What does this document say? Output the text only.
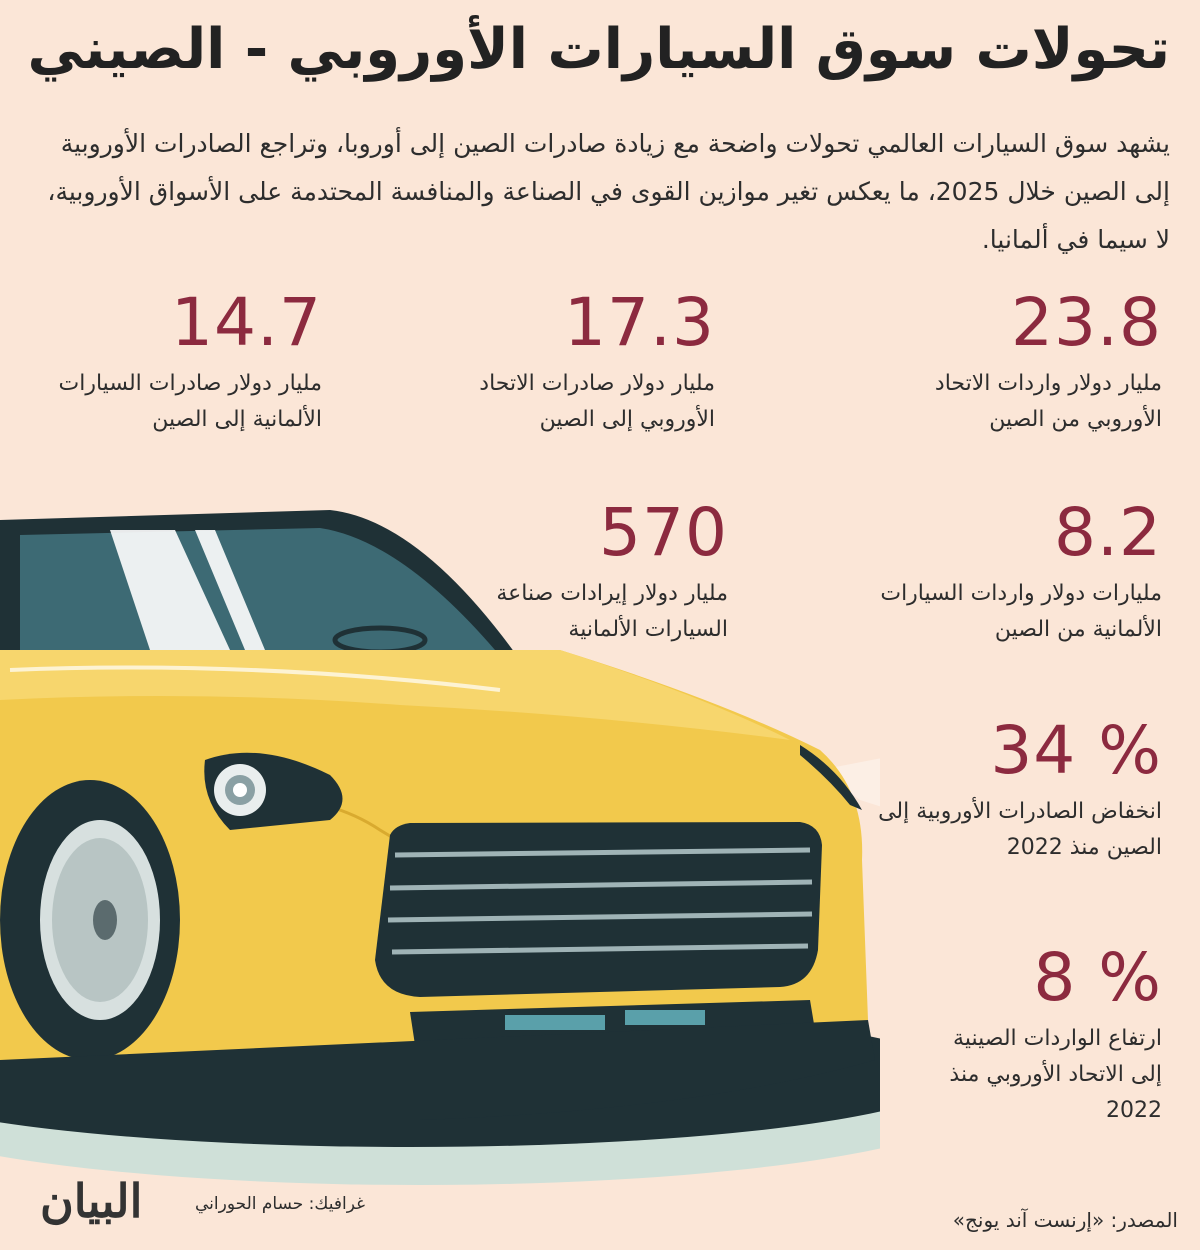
تحولات سوق السيارات الأوروبي - الصيني
يشهد سوق السيارات العالمي تحولات واضحة مع زيادة صادرات الصين إلى أوروبا، وتراجع الصادرات الأوروبية إلى الصين خلال 2025، ما يعكس تغير موازين القوى في الصناعة والمنافسة المحتدمة على الأسواق الأوروبية، لا سيما في ألمانيا.
23.8
مليار دولار واردات الاتحاد الأوروبي من الصين
17.3
مليار دولار صادرات الاتحاد الأوروبي إلى الصين
14.7
مليار دولار صادرات السيارات الألمانية إلى الصين
8.2
مليارات دولار واردات السيارات الألمانية من الصين
570
مليار دولار إيرادات صناعة السيارات الألمانية
34 %
انخفاض الصادرات الأوروبية إلى الصين منذ 2022
8 %
ارتفاع الواردات الصينية إلى الاتحاد الأوروبي منذ 2022
المصدر: «إرنست آند يونج»
غرافيك: حسام الحوراني
البيان
